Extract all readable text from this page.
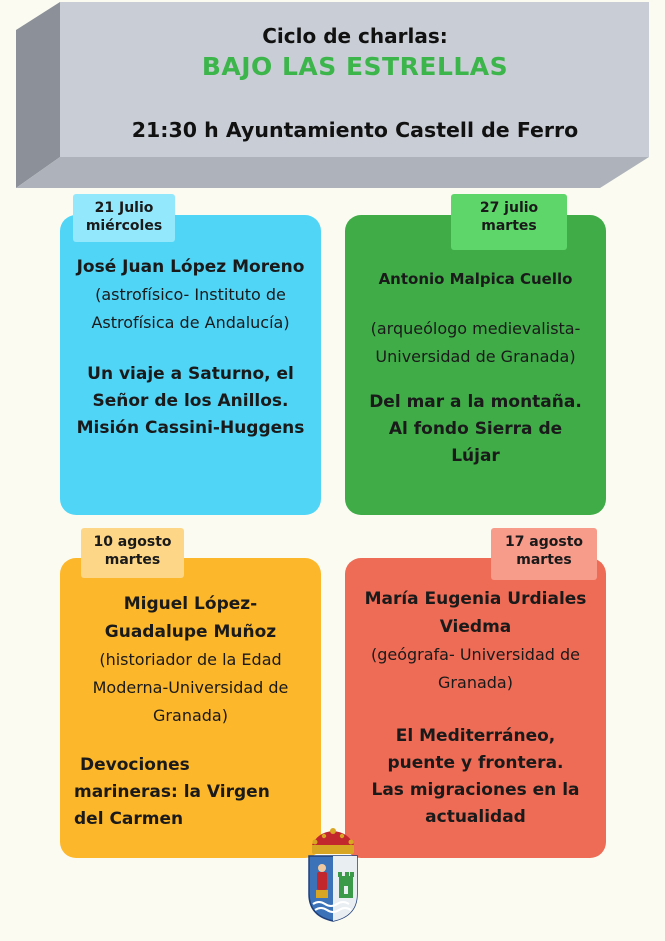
Ciclo de charlas:
BAJO LAS ESTRELLAS
21:30 h Ayuntamiento Castell de Ferro
José Juan López Moreno
(astrofísico- Instituto de
Astrofísica de Andalucía)
Un viaje a Saturno, el
Señor de los Anillos.
Misión Cassini-Huggens
21 Julio
miércoles
Antonio Malpica Cuello
(arqueólogo medievalista-
Universidad de Granada)
Del mar a la montaña.
Al fondo Sierra de
Lújar
27 julio
martes
Miguel López-
Guadalupe Muñoz
(historiador de la Edad
Moderna-Universidad de
Granada)
Devociones
marineras: la Virgen
del Carmen
10 agosto
martes
María Eugenia Urdiales
Viedma
(geógrafa- Universidad de
Granada)
El Mediterráneo,
puente y frontera.
Las migraciones en la
actualidad
17 agosto
martes
